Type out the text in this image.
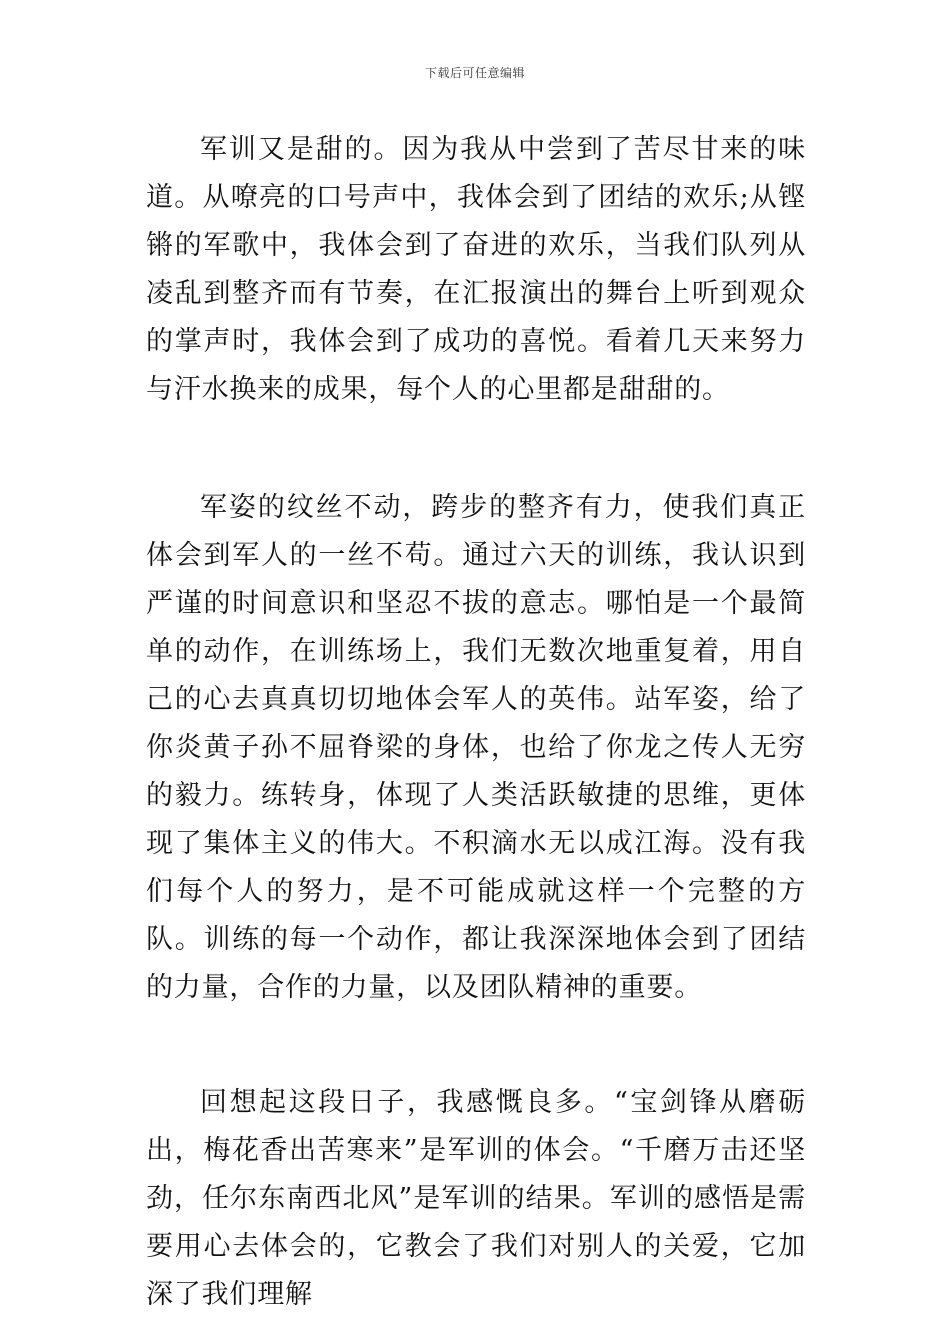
下载后可任意编辑

军训又是甜的。因为我从中尝到了苦尽甘来的味道。从嘹亮的口号声中，我体会到了团结的欢乐;从铿锵的军歌中，我体会到了奋进的欢乐，当我们队列从凌乱到整齐而有节奏，在汇报演出的舞台上听到观众的掌声时，我体会到了成功的喜悦。看着几天来努力与汗水换来的成果，每个人的心里都是甜甜的。

军姿的纹丝不动，跨步的整齐有力，使我们真正体会到军人的一丝不苟。通过六天的训练，我认识到严谨的时间意识和坚忍不拔的意志。哪怕是一个最简单的动作，在训练场上，我们无数次地重复着，用自己的心去真真切切地体会军人的英伟。站军姿，给了你炎黄子孙不屈脊梁的身体，也给了你龙之传人无穷的毅力。练转身，体现了人类活跃敏捷的思维，更体现了集体主义的伟大。不积滴水无以成江海。没有我们每个人的努力，是不可能成就这样一个完整的方队。训练的每一个动作，都让我深深地体会到了团结的力量，合作的力量，以及团队精神的重要。

回想起这段日子，我感慨良多。“宝剑锋从磨砺出，梅花香出苦寒来”是军训的体会。“千磨万击还坚劲，任尔东南西北风”是军训的结果。军训的感悟是需要用心去体会的，它教会了我们对别人的关爱，它加深了我们理解
